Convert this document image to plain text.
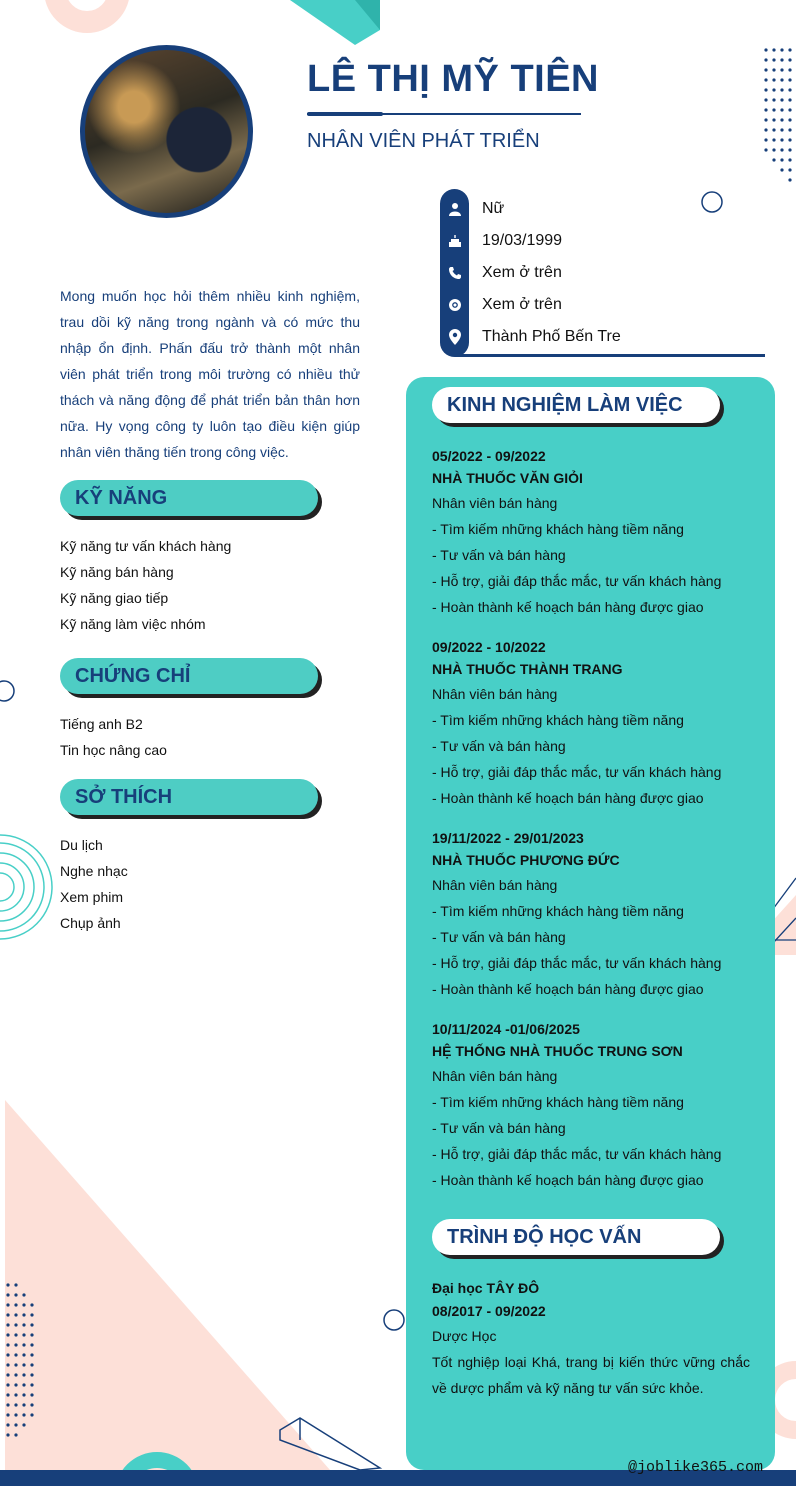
LÊ THỊ MỸ TIÊN
NHÂN VIÊN PHÁT TRIỂN
Nữ
19/03/1999
Xem ở trên
Xem ở trên
Thành Phố Bến Tre

Mong muốn học hỏi thêm nhiều kinh nghiệm, trau dồi kỹ năng trong ngành và có mức thu nhập ổn định. Phấn đấu trở thành một nhân viên phát triển trong môi trường có nhiều thử thách và năng động để phát triển bản thân hơn nữa. Hy vọng công ty luôn tạo điều kiện giúp nhân viên thăng tiến trong công việc.

KỸ NĂNG
Kỹ năng tư vấn khách hàng
Kỹ năng bán hàng
Kỹ năng giao tiếp
Kỹ năng làm việc nhóm
CHỨNG CHỈ
Tiếng anh B2
Tin học nâng cao
SỞ THÍCH
Du lịch
Nghe nhạc
Xem phim
Chụp ảnh
KINH NGHIỆM LÀM VIỆC
05/2022 - 09/2022
NHÀ THUỐC VĂN GIỎI
Nhân viên bán hàng
- Tìm kiếm những khách hàng tiềm năng
- Tư vấn và bán hàng
- Hỗ trợ, giải đáp thắc mắc, tư vấn khách hàng
- Hoàn thành kế hoạch bán hàng được giao
09/2022 - 10/2022
NHÀ THUỐC THÀNH TRANG
Nhân viên bán hàng
- Tìm kiếm những khách hàng tiềm năng
- Tư vấn và bán hàng
- Hỗ trợ, giải đáp thắc mắc, tư vấn khách hàng
- Hoàn thành kế hoạch bán hàng được giao
19/11/2022 - 29/01/2023
NHÀ THUỐC PHƯƠNG ĐỨC
Nhân viên bán hàng
- Tìm kiếm những khách hàng tiềm năng
- Tư vấn và bán hàng
- Hỗ trợ, giải đáp thắc mắc, tư vấn khách hàng
- Hoàn thành kế hoạch bán hàng được giao
10/11/2024 -01/06/2025
HỆ THỐNG NHÀ THUỐC TRUNG SƠN
Nhân viên bán hàng
- Tìm kiếm những khách hàng tiềm năng
- Tư vấn và bán hàng
- Hỗ trợ, giải đáp thắc mắc, tư vấn khách hàng
- Hoàn thành kế hoạch bán hàng được giao
TRÌNH ĐỘ HỌC VẤN
Đại học TÂY ĐÔ
08/2017 - 09/2022
Dược Học
Tốt nghiệp loại Khá, trang bị kiến thức vững chắc về dược phẩm và kỹ năng tư vấn sức khỏe.
@joblike365.com
